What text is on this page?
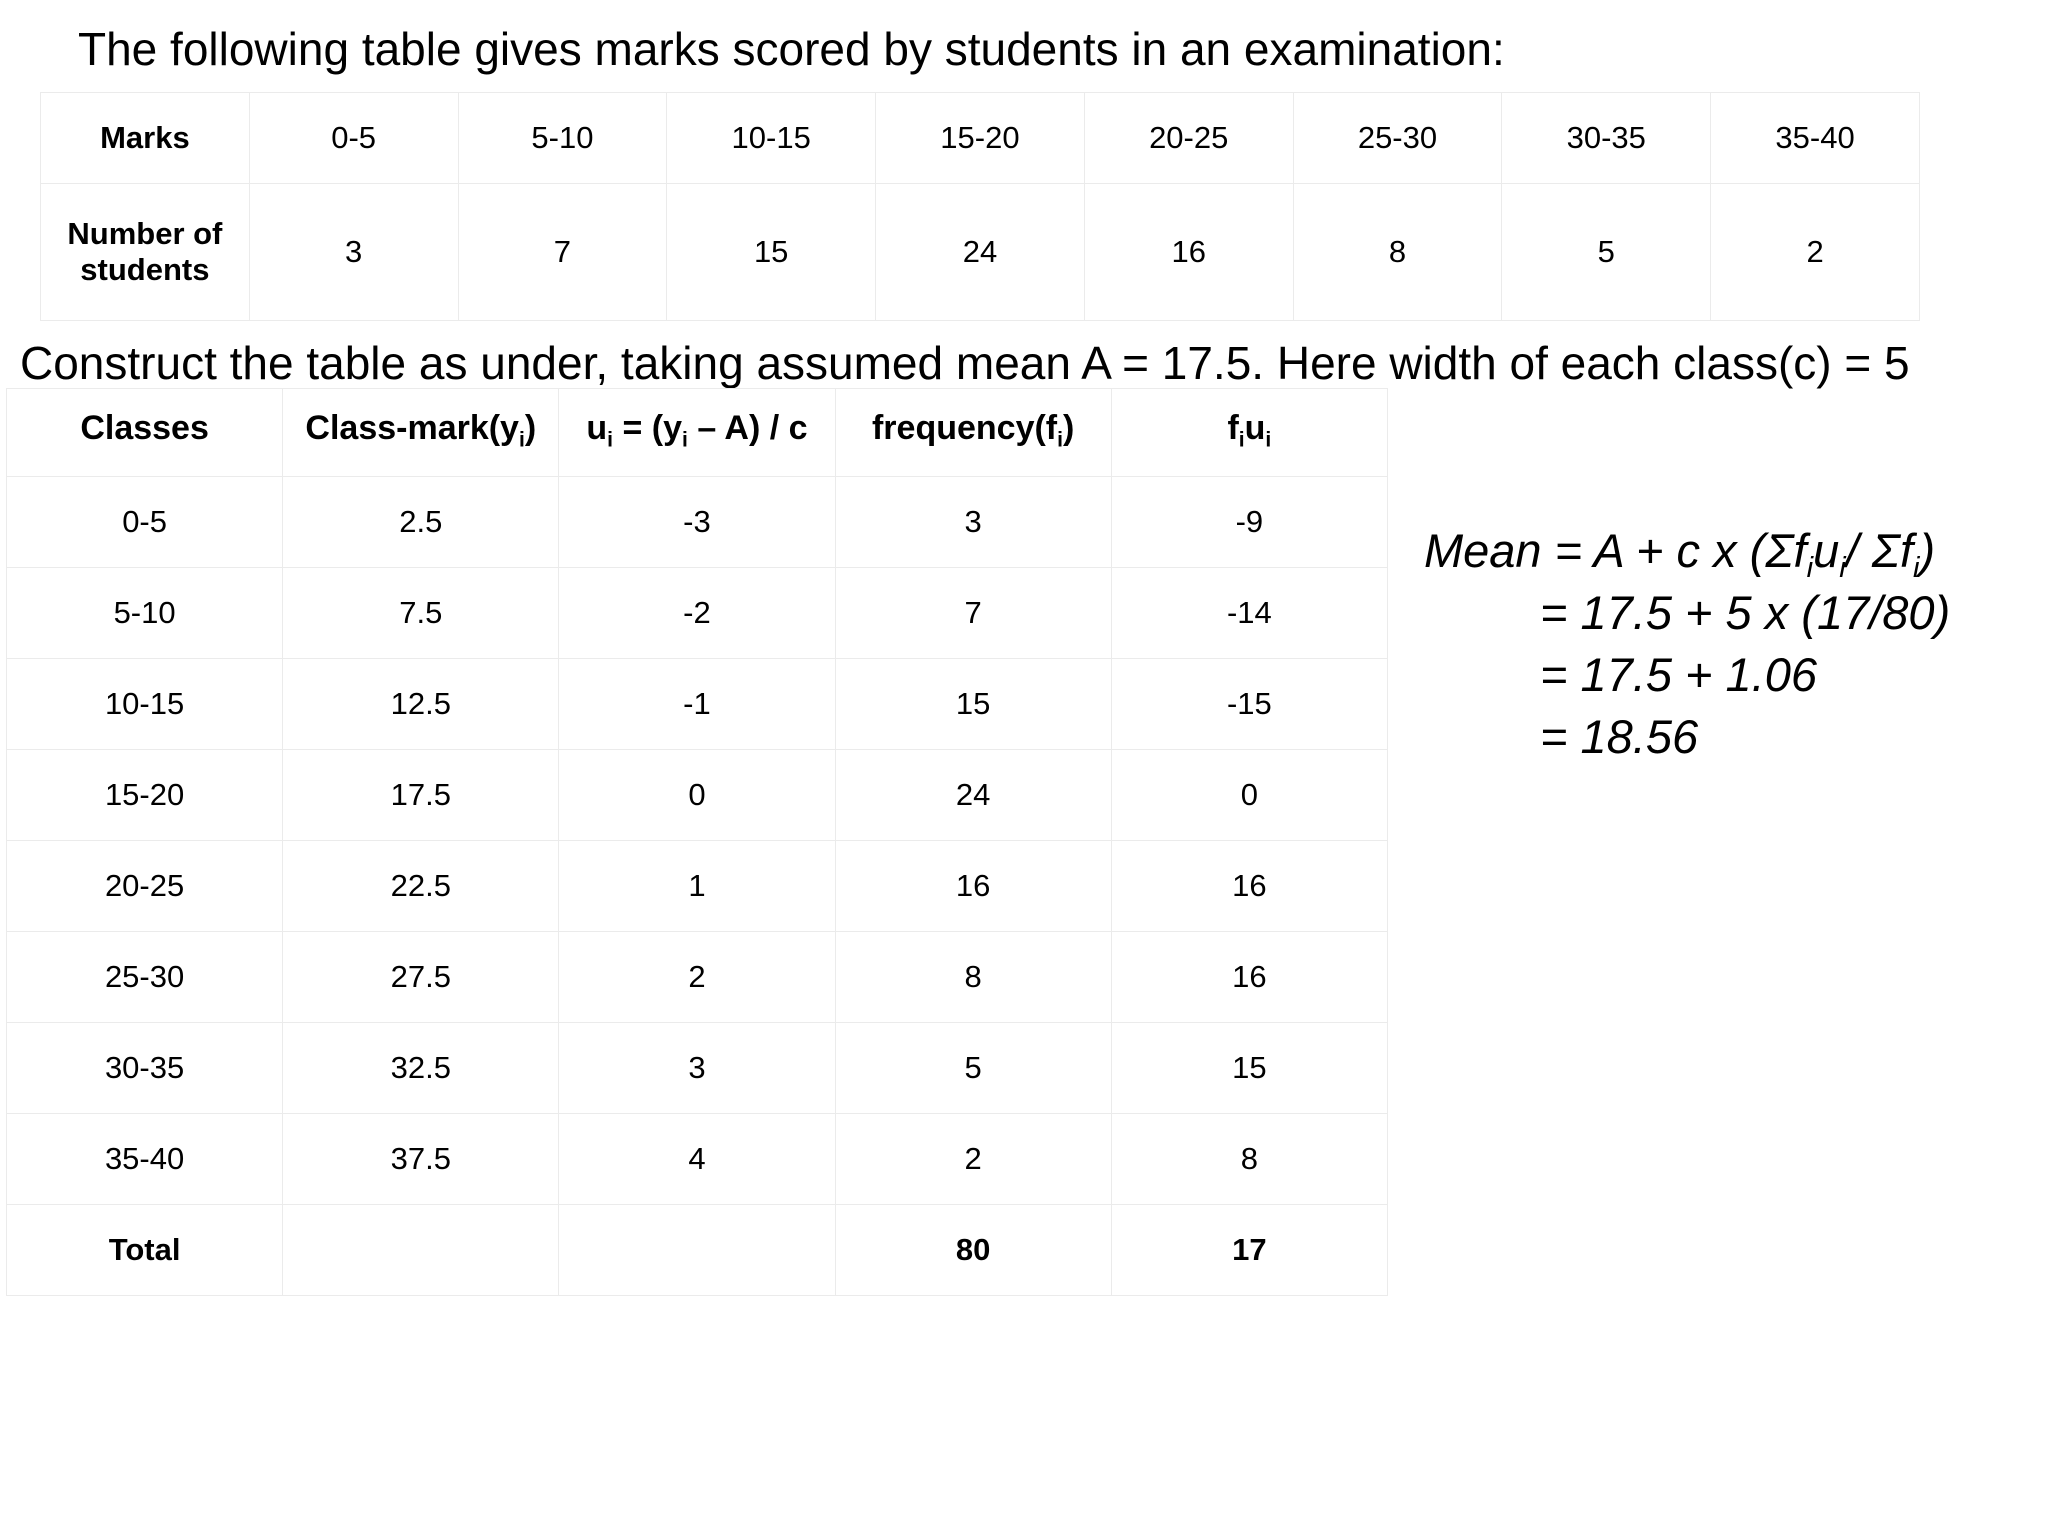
The following table gives marks scored by students in an examination:
Marks	0-5	5-10	10-15	15-20	20-25	25-30	30-35	35-40
Number of students	3	7	15	24	16	8	5	2
Construct the table as under, taking assumed mean A = 17.5. Here width of each class(c) = 5
Classes	Class-$mark(y_i)$	$u_i = (y_i - A) / c$	$frequency(f_i)$	$f_iu_i$
0-5	2.5	-3	3	-9
5-10	7.5	-2	7	-14
10-15	12.5	-1	15	-15
15-20	17.5	0	24	0
20-25	22.5	1	16	16
25-30	27.5	2	8	16
30-35	32.5	3	5	15
35-40	37.5	4	2	8
Total			80	17
Mean = A + c x ($\Sigma f_iu_i/$ $\Sigma f_i$)
= 17.5 + 5 x (17/80)
= 17.5 + 1.06
= 18.56
